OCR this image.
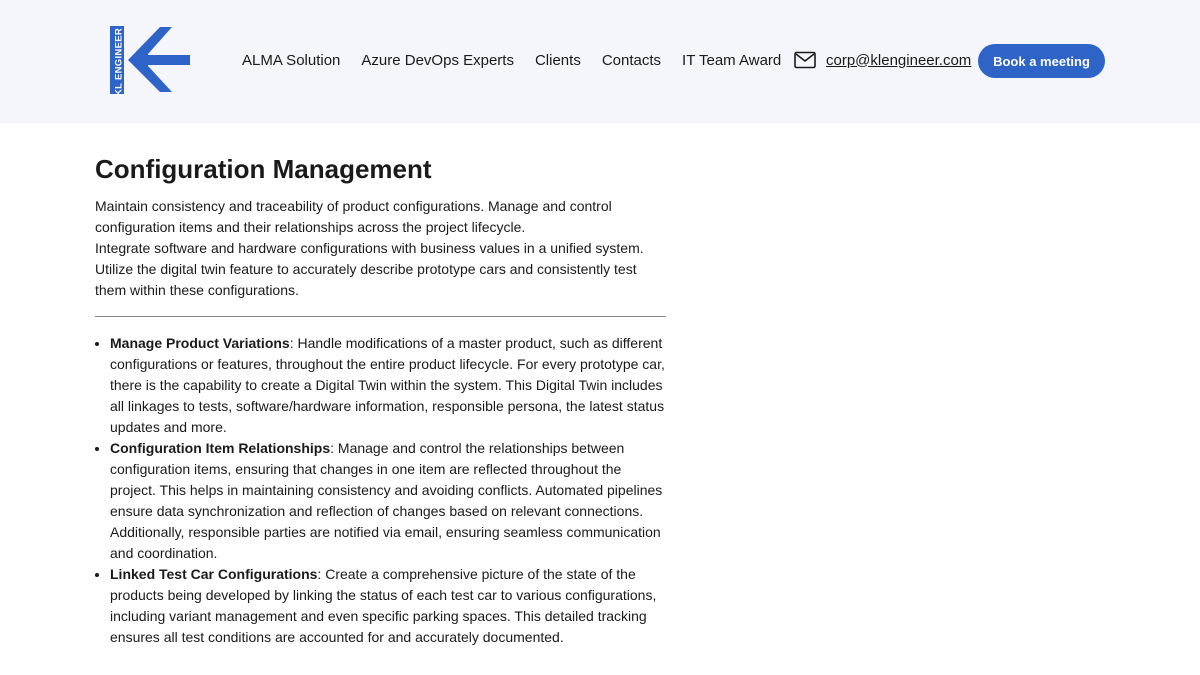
KL ENGINEER	ALMA Solution Azure DevOps Experts Clients Contacts IT Team Award	corp@klengineer.com	Book a meeting
Configuration Management

Maintain consistency and traceability of product configurations. Manage and control configuration items and their relationships across the project lifecycle.

Integrate software and hardware configurations with business values in a unified system. Utilize the digital twin feature to accurately describe prototype cars and consistently test them within these configurations.

• Manage Product Variations: Handle modifications of a master product, such as different configurations or features, throughout the entire product lifecycle. For every prototype car, there is the capability to create a Digital Twin within the system. This Digital Twin includes all linkages to tests, software/hardware information, responsible persona, the latest status updates and more.
• Configuration Item Relationships: Manage and control the relationships between configuration items, ensuring that changes in one item are reflected throughout the project. This helps in maintaining consistency and avoiding conflicts. Automated pipelines ensure data synchronization and reflection of changes based on relevant connections. Additionally, responsible parties are notified via email, ensuring seamless communication and coordination.
• Linked Test Car Configurations: Create a comprehensive picture of the state of the products being developed by linking the status of each test car to various configurations, including variant management and even specific parking spaces. This detailed tracking ensures all test conditions are accounted for and accurately documented.
